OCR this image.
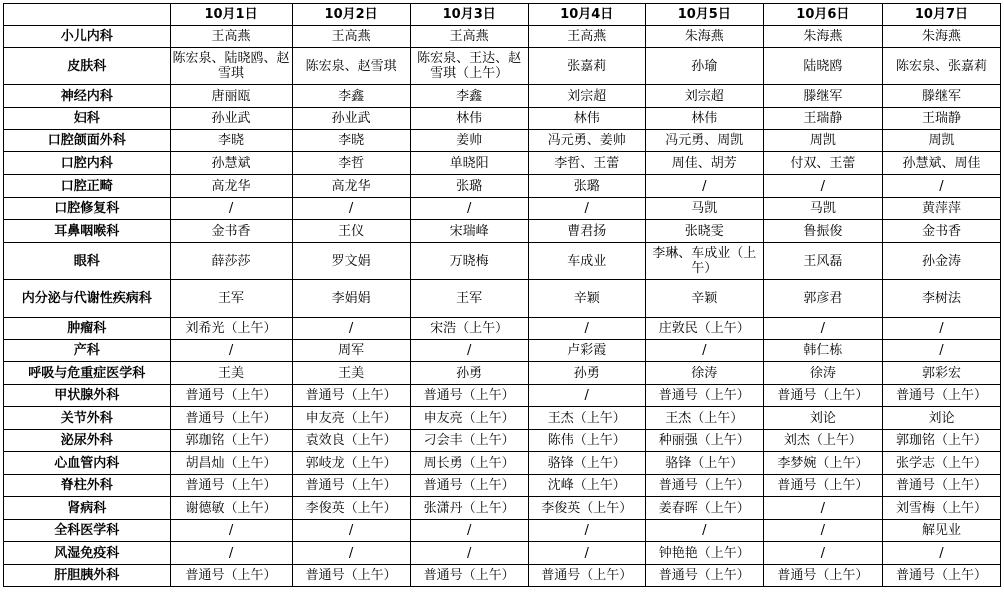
	10月1日	10月2日	10月3日	10月4日	10月5日	10月6日	10月7日
小儿内科	王高燕	王高燕	王高燕	王高燕	朱海燕	朱海燕	朱海燕
皮肤科	陈宏泉、陆晓鸥、赵雪琪	陈宏泉、赵雪琪	陈宏泉、王达、赵雪琪（上午）	张嘉莉	孙瑜	陆晓鸥	陈宏泉、张嘉莉
神经内科	唐丽瓯	李鑫	李鑫	刘宗超	刘宗超	滕继军	滕继军
妇科	孙业武	孙业武	林伟	林伟	林伟	王瑞静	王瑞静
口腔颌面外科	李晓	李晓	姜帅	冯元勇、姜帅	冯元勇、周凯	周凯	周凯
口腔内科	孙慧斌	李哲	单晓阳	李哲、王蕾	周佳、胡芳	付双、王蕾	孙慧斌、周佳
口腔正畸	高龙华	高龙华	张璐	张璐	/	/	/
口腔修复科	/	/	/	/	马凯	马凯	黄萍萍
耳鼻咽喉科	金书香	王仪	宋瑞峰	曹君扬	张晓雯	鲁振俊	金书香
眼科	薛莎莎	罗文娟	万晓梅	车成业	李琳、车成业（上午）	王风磊	孙金涛
内分泌与代谢性疾病科	王军	李娟娟	王军	辛颖	辛颖	郭彦君	李树法
肿瘤科	刘希光（上午）	/	宋浩（上午）	/	庄敦民（上午）	/	/
产科	/	周军	/	卢彩霞	/	韩仁栋	/
呼吸与危重症医学科	王美	王美	孙勇	孙勇	徐涛	徐涛	郭彩宏
甲状腺外科	普通号（上午）	普通号（上午）	普通号（上午）	/	普通号（上午）	普通号（上午）	普通号（上午）
关节外科	普通号（上午）	申友亮（上午）	申友亮（上午）	王杰（上午）	王杰（上午）	刘论	刘论
泌尿外科	郭珈铭（上午）	袁效良（上午）	刁会丰（上午）	陈伟（上午）	种丽强（上午）	刘杰（上午）	郭珈铭（上午）
心血管内科	胡昌灿（上午）	郭岐龙（上午）	周长勇（上午）	骆锋（上午）	骆锋（上午）	李梦婉（上午）	张学志（上午）
脊柱外科	普通号（上午）	普通号（上午）	普通号（上午）	沈峰（上午）	普通号（上午）	普通号（上午）	普通号（上午）
肾病科	谢德敏（上午）	李俊英（上午）	张潇丹（上午）	李俊英（上午）	姜春晖（上午）	/	刘雪梅（上午）
全科医学科	/	/	/	/	/	/	解见业
风湿免疫科	/	/	/	/	钟艳艳（上午）	/	/
肝胆胰外科	普通号（上午）	普通号（上午）	普通号（上午）	普通号（上午）	普通号（上午）	普通号（上午）	普通号（上午）
